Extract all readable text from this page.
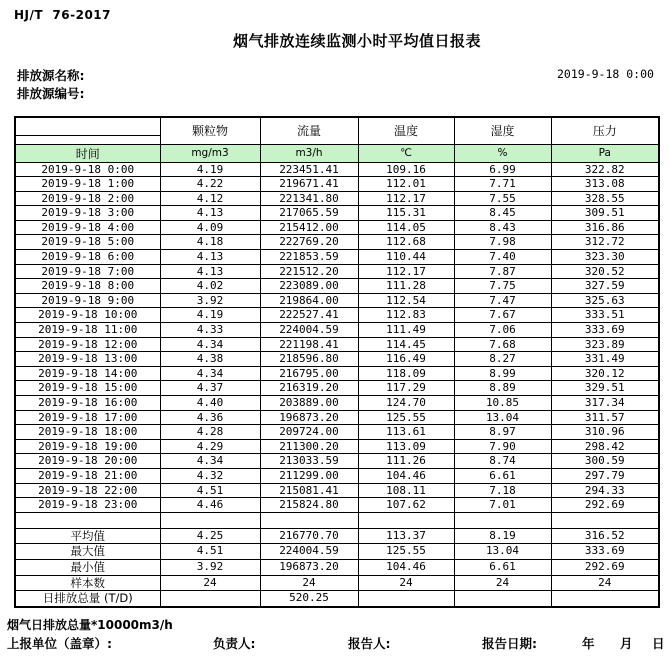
HJ/T  76-2017
烟气排放连续监测小时平均值日报表
排放源名称:
排放源编号:
2019-9-18 0:00
	颗粒物	流量	温度	湿度	压力

时间	mg/m3	m3/h	℃	%	Pa
2019-9-18 0:00	4.19	223451.41	109.16	6.99	322.82
2019-9-18 1:00	4.22	219671.41	112.01	7.71	313.08
2019-9-18 2:00	4.12	221341.80	112.17	7.55	328.55
2019-9-18 3:00	4.13	217065.59	115.31	8.45	309.51
2019-9-18 4:00	4.09	215412.00	114.05	8.43	316.86
2019-9-18 5:00	4.18	222769.20	112.68	7.98	312.72
2019-9-18 6:00	4.13	221853.59	110.44	7.40	323.30
2019-9-18 7:00	4.13	221512.20	112.17	7.87	320.52
2019-9-18 8:00	4.02	223089.00	111.28	7.75	327.59
2019-9-18 9:00	3.92	219864.00	112.54	7.47	325.63
2019-9-18 10:00	4.19	222527.41	112.83	7.67	333.51
2019-9-18 11:00	4.33	224004.59	111.49	7.06	333.69
2019-9-18 12:00	4.34	221198.41	114.45	7.68	323.89
2019-9-18 13:00	4.38	218596.80	116.49	8.27	331.49
2019-9-18 14:00	4.34	216795.00	118.09	8.99	320.12
2019-9-18 15:00	4.37	216319.20	117.29	8.89	329.51
2019-9-18 16:00	4.40	203889.00	124.70	10.85	317.34
2019-9-18 17:00	4.36	196873.20	125.55	13.04	311.57
2019-9-18 18:00	4.28	209724.00	113.61	8.97	310.96
2019-9-18 19:00	4.29	211300.20	113.09	7.90	298.42
2019-9-18 20:00	4.34	213033.59	111.26	8.74	300.59
2019-9-18 21:00	4.32	211299.00	104.46	6.61	297.79
2019-9-18 22:00	4.51	215081.41	108.11	7.18	294.33
2019-9-18 23:00	4.46	215824.80	107.62	7.01	292.69

平均值	4.25	216770.70	113.37	8.19	316.52
最大值	4.51	224004.59	125.55	13.04	333.69
最小值	3.92	196873.20	104.46	6.61	292.69
样本数	24	24	24	24	24
日排放总量 (T/D)		520.25			
烟气日排放总量*10000m3/h
上报单位（盖章）:	负责人:	报告人:	报告日期:	年 月 日
